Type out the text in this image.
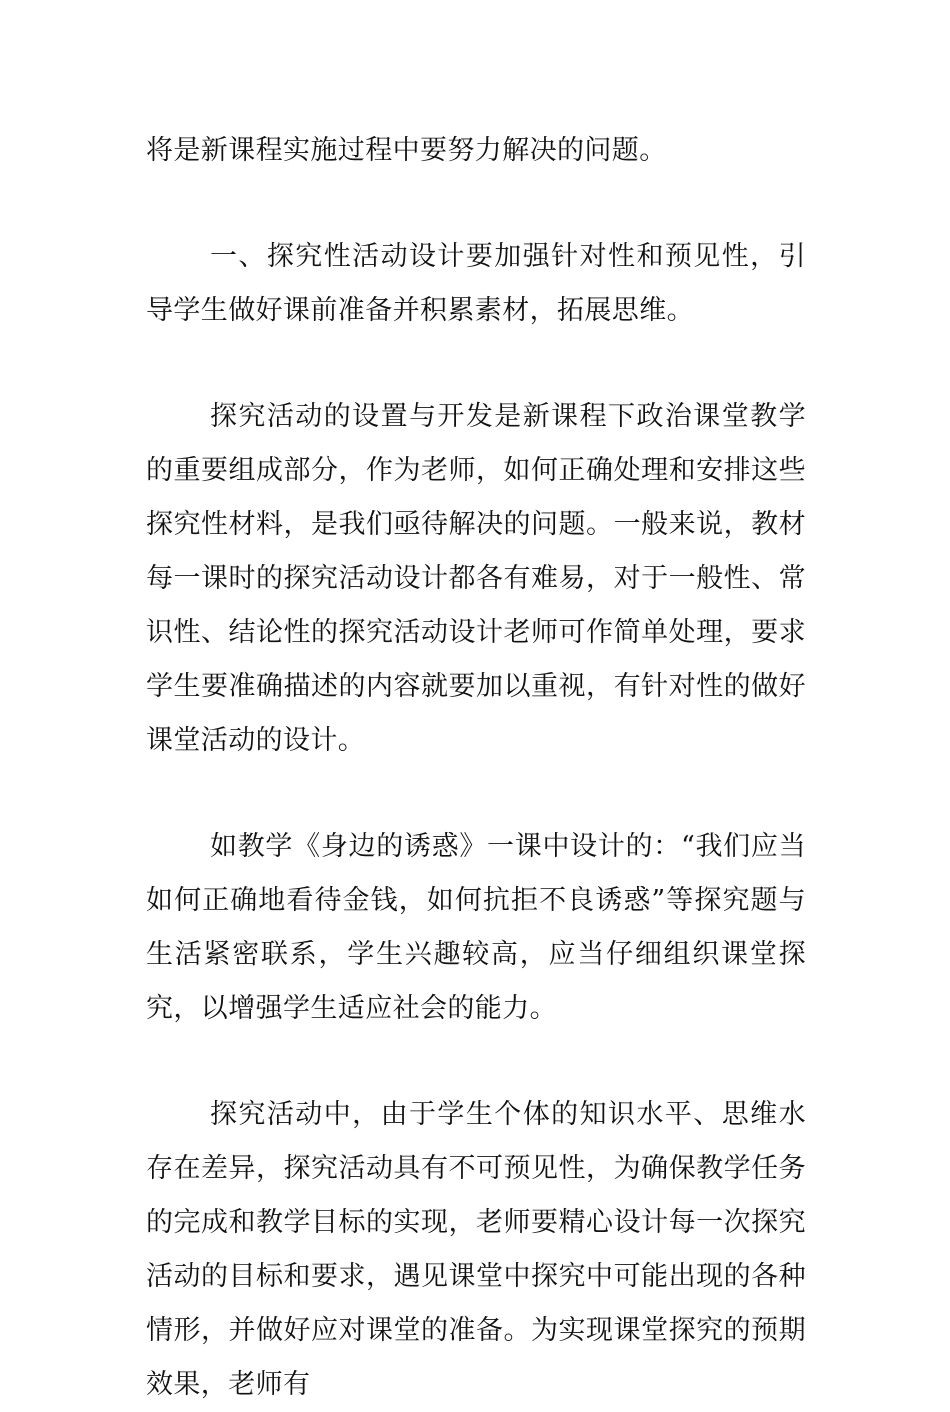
将是新课程实施过程中要努力解决的问题。

一、探究性活动设计要加强针对性和预见性，引导学生做好课前准备并积累素材，拓展思维。

探究活动的设置与开发是新课程下政治课堂教学的重要组成部分，作为老师，如何正确处理和安排这些探究性材料，是我们亟待解决的问题。一般来说，教材每一课时的探究活动设计都各有难易，对于一般性、常识性、结论性的探究活动设计老师可作简单处理，要求学生要准确描述的内容就要加以重视，有针对性的做好课堂活动的设计。

如教学《身边的诱惑》一课中设计的：“我们应当如何正确地看待金钱，如何抗拒不良诱惑”等探究题与生活紧密联系，学生兴趣较高，应当仔细组织课堂探究，以增强学生适应社会的能力。

探究活动中，由于学生个体的知识水平、思维水存在差异，探究活动具有不可预见性，为确保教学任务的完成和教学目标的实现，老师要精心设计每一次探究活动的目标和要求，遇见课堂中探究中可能出现的各种情形，并做好应对课堂的准备。为实现课堂探究的预期效果，老师有
